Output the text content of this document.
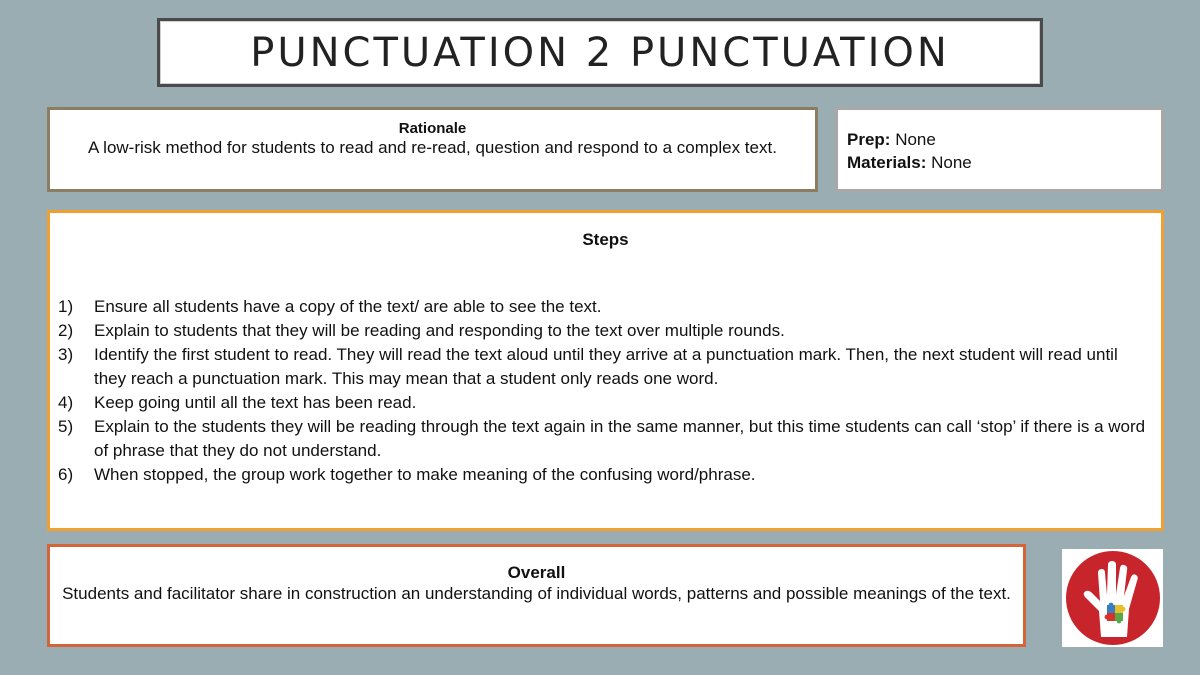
PUNCTUATION 2 PUNCTUATION
Rationale
A low-risk method for students to read and re-read, question and respond to a complex text.	Prep: None
Materials: None
Steps
1)	Ensure all students have a copy of the text/ are able to see the text.
2)	Explain to students that they will be reading and responding to the text over multiple rounds.
3)	Identify the first student to read. They will read the text aloud until they arrive at a punctuation mark. Then, the next student will read until they reach a punctuation mark. This may mean that a student only reads one word.
4)	Keep going until all the text has been read.
5)	Explain to the students they will be reading through the text again in the same manner, but this time students can call ‘stop’ if there is a word of phrase that they do not understand.
6)	When stopped, the group work together to make meaning of the confusing word/phrase.
Overall
Students and facilitator share in construction an understanding of individual words, patterns and possible meanings of the text.
